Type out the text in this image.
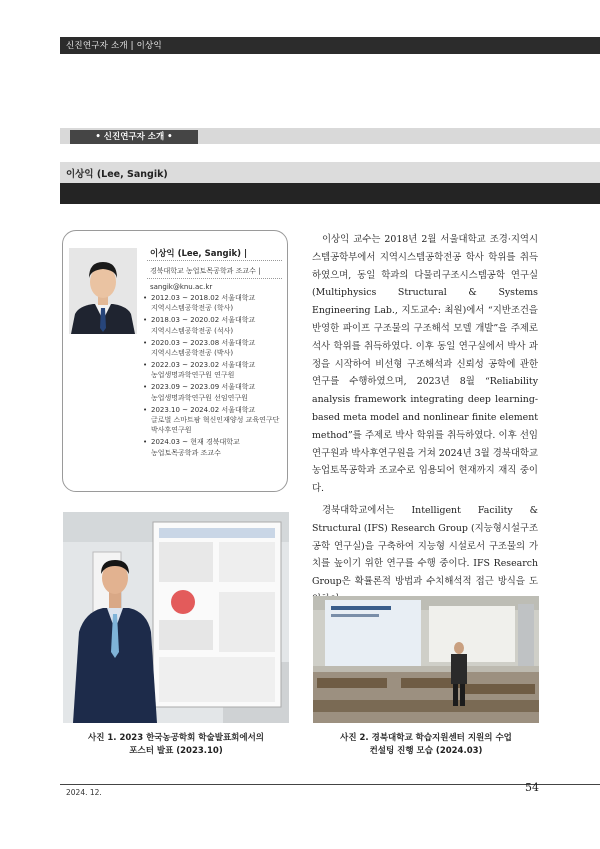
신진연구자 소개 | 이상익
• 신진연구자 소개 •
이상익 (Lee, Sangik)
이상익 (Lee, Sangik) |
경북대학교 농업토목공학과 조교수 |
sangik@knu.ac.kr
• 2012.03 ~ 2018.02 서울대학교
지역시스템공학전공 (학사)
• 2018.03 ~ 2020.02 서울대학교
지역시스템공학전공 (석사)
• 2020.03 ~ 2023.08 서울대학교
지역시스템공학전공 (박사)
• 2022.03 ~ 2023.02 서울대학교
농업생명과학연구원 연구원
• 2023.09 ~ 2023.09 서울대학교
농업생명과학연구원 선임연구원
• 2023.10 ~ 2024.02 서울대학교
글로벌 스마트팜 혁신인재양성 교육연구단 박사후연구원
• 2024.03 ~ 현재 경북대학교
농업토목공학과 조교수

이상익 교수는 2018년 2월 서울대학교 조경·지역시스템공학부에서 지역시스템공학전공 학사 학위를 취득하였으며, 동일 학과의 다물리구조시스템공학 연구실 (Multiphysics Structural & Systems Engineering Lab., 지도교수: 최원)에서 “지반조건을 반영한 파이프 구조물의 구조해석 모델 개발”을 주제로 석사 학위를 취득하였다. 이후 동일 연구실에서 박사 과정을 시작하여 비선형 구조해석과 신뢰성 공학에 관한 연구를 수행하였으며, 2023년 8월 “Reliability analysis framework integrating deep learning-based meta model and nonlinear finite element method”를 주제로 박사 학위를 취득하였다. 이후 선임연구원과 박사후연구원을 거쳐 2024년 3월 경북대학교 농업토목공학과 조교수로 임용되어 현재까지 재직 중이다.

경북대학교에서는 Intelligent Facility & Structural (IFS) Research Group (지능형시설구조공학 연구실)을 구축하여 지능형 시설로서 구조물의 가치를 높이기 위한 연구를 수행 중이다. IFS Research Group은 확률론적 방법과 수치해석적 접근 방식을 도

사진 1. 2023 한국농공학회 학술발표회에서의
포스터 발표 (2023.10)
사진 2. 경북대학교 학습지원센터 지원의 수업
컨설팅 진행 모습 (2024.03)
2024. 12.	54
